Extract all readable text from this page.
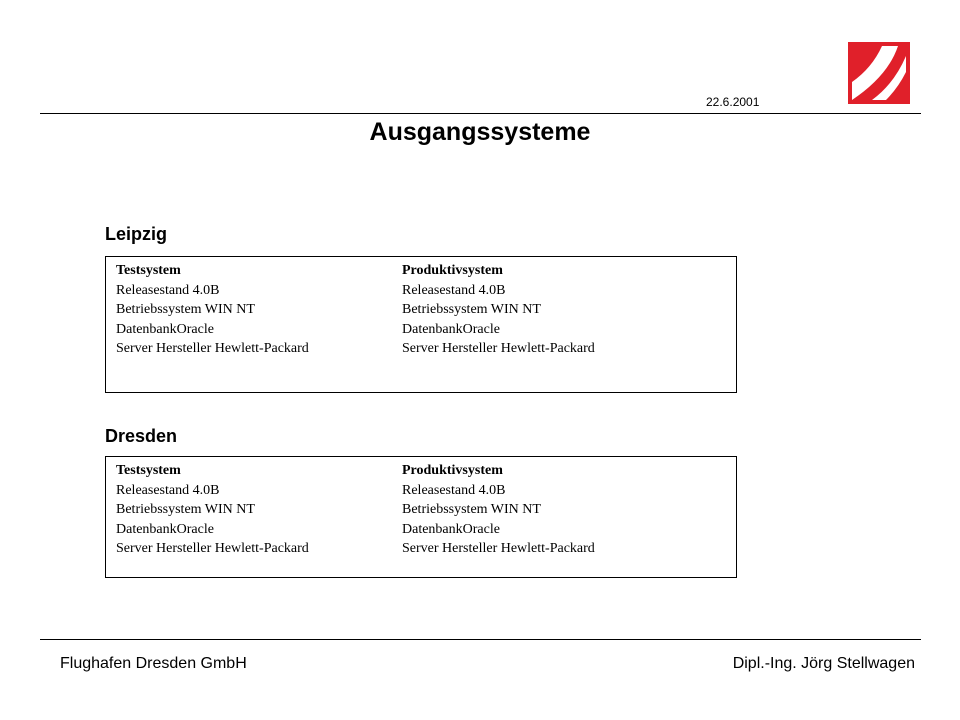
22.6.2001
Ausgangssysteme
Leipzig
Testsystem
Releasestand 4.0B
Betriebssystem WIN NT
DatenbankOracle
Server Hersteller Hewlett-Packard
Produktivsystem
Releasestand 4.0B
Betriebssystem WIN NT
DatenbankOracle
Server Hersteller Hewlett-Packard
Dresden
Testsystem
Releasestand 4.0B
Betriebssystem WIN NT
DatenbankOracle
Server Hersteller Hewlett-Packard
Produktivsystem
Releasestand 4.0B
Betriebssystem WIN NT
DatenbankOracle
Server Hersteller Hewlett-Packard
Flughafen Dresden GmbH	Dipl.-Ing. Jörg Stellwagen
